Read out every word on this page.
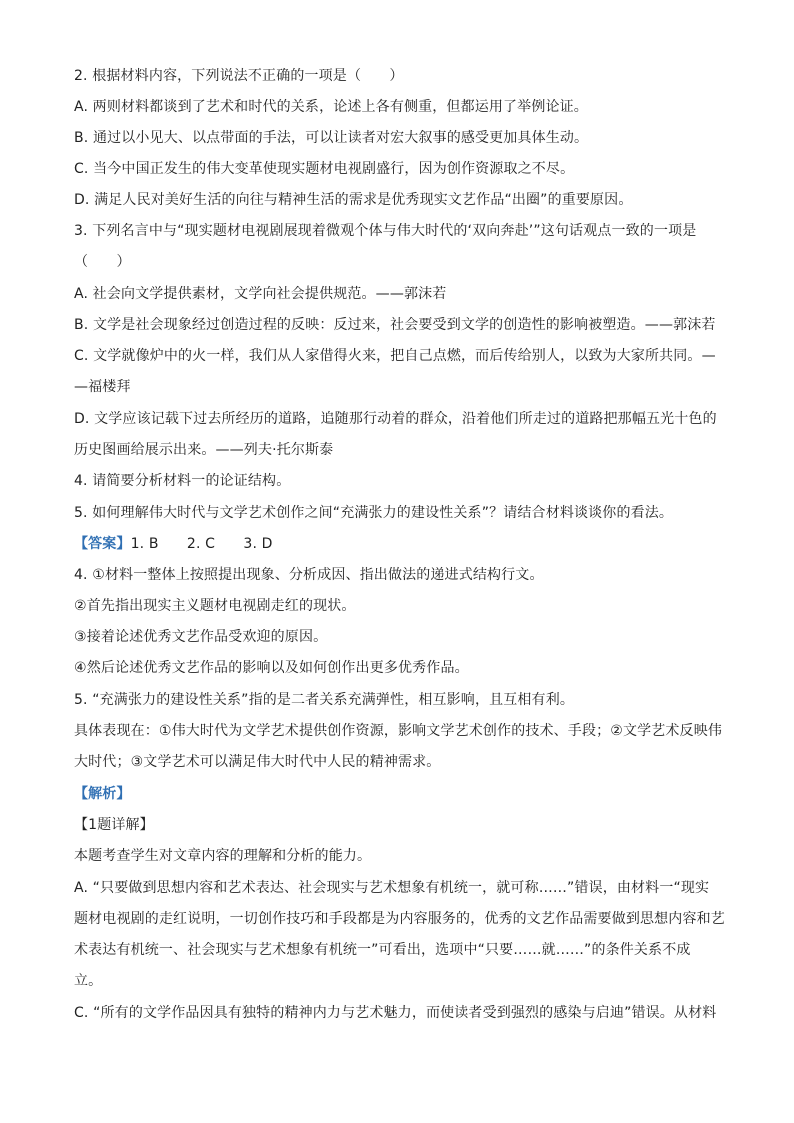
2. 根据材料内容，下列说法不正确的一项是（　　）
A. 两则材料都谈到了艺术和时代的关系，论述上各有侧重，但都运用了举例论证。
B. 通过以小见大、以点带面的手法，可以让读者对宏大叙事的感受更加具体生动。
C. 当今中国正发生的伟大变革使现实题材电视剧盛行，因为创作资源取之不尽。
D. 满足人民对美好生活的向往与精神生活的需求是优秀现实文艺作品“出圈”的重要原因。
3. 下列名言中与“现实题材电视剧展现着微观个体与伟大时代的‘双向奔赴’”这句话观点一致的一项是
（　　）
A. 社会向文学提供素材，文学向社会提供规范。——郭沫若
B. 文学是社会现象经过创造过程的反映：反过来，社会要受到文学的创造性的影响被塑造。——郭沫若
C. 文学就像炉中的火一样，我们从人家借得火来，把自己点燃，而后传给别人，以致为大家所共同。—
—福楼拜
D. 文学应该记载下过去所经历的道路，追随那行动着的群众，沿着他们所走过的道路把那幅五光十色的
历史图画给展示出来。——列夫·托尔斯泰
4. 请简要分析材料一的论证结构。
5. 如何理解伟大时代与文学艺术创作之间“充满张力的建设性关系”？请结合材料谈谈你的看法。
【答案】1. B　　2. C　　3. D
4. ①材料一整体上按照提出现象、分析成因、指出做法的递进式结构行文。
②首先指出现实主义题材电视剧走红的现状。
③接着论述优秀文艺作品受欢迎的原因。
④然后论述优秀文艺作品的影响以及如何创作出更多优秀作品。
5. “充满张力的建设性关系”指的是二者关系充满弹性，相互影响，且互相有利。
具体表现在：①伟大时代为文学艺术提供创作资源，影响文学艺术创作的技术、手段；②文学艺术反映伟
大时代；③文学艺术可以满足伟大时代中人民的精神需求。
【解析】
【1题详解】
本题考查学生对文章内容的理解和分析的能力。
A. “只要做到思想内容和艺术表达、社会现实与艺术想象有机统一，就可称……”错误，由材料一“现实
题材电视剧的走红说明，一切创作技巧和手段都是为内容服务的，优秀的文艺作品需要做到思想内容和艺
术表达有机统一、社会现实与艺术想象有机统一”可看出，选项中“只要……就……”的条件关系不成
立。
C. “所有的文学作品因具有独特的精神内力与艺术魅力，而使读者受到强烈的感染与启迪”错误。从材料
